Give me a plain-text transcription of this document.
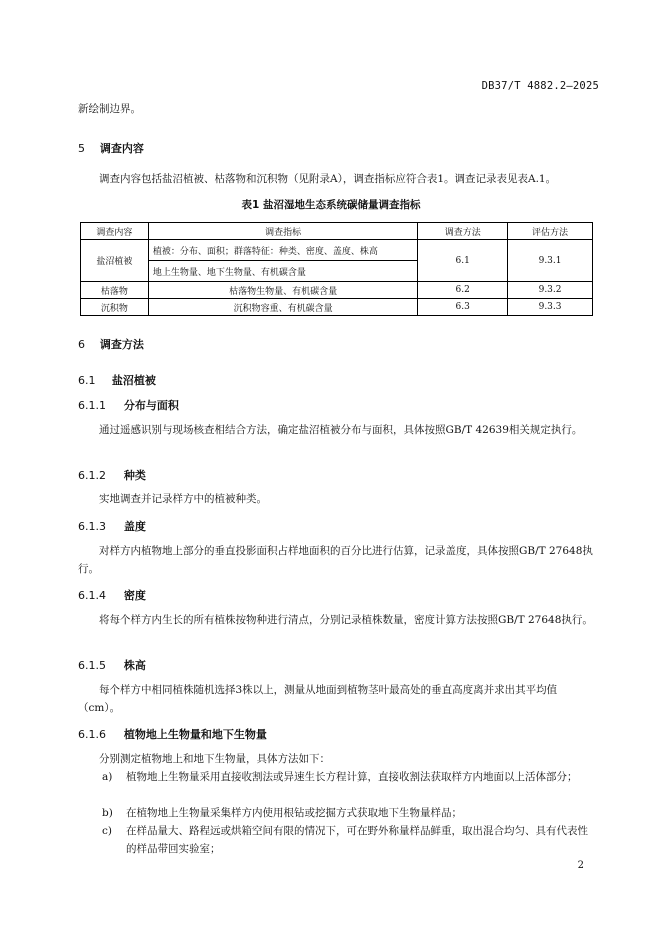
DB37/T 4882.2—2025
新绘制边界。
5 调查内容
调查内容包括盐沼植被、枯落物和沉积物（见附录A），调查指标应符合表1。调查记录表见表A.1。
表1 盐沼湿地生态系统碳储量调查指标
调查内容	调查指标	调查方法	评估方法
盐沼植被	植被：分布、面积；群落特征：种类、密度、盖度、株高	6.1	9.3.1
	地上生物量、地下生物量、有机碳含量		
枯落物	枯落物生物量、有机碳含量	6.2	9.3.2
沉积物	沉积物容重、有机碳含量	6.3	9.3.3
6 调查方法
6.1 盐沼植被
6.1.1 分布与面积
通过遥感识别与现场核查相结合方法，确定盐沼植被分布与面积，具体按照GB/T 42639相关规定执行。
6.1.2 种类
实地调查并记录样方中的植被种类。
6.1.3 盖度
对样方内植物地上部分的垂直投影面积占样地面积的百分比进行估算，记录盖度，具体按照GB/T 27648执行。
6.1.4 密度
将每个样方内生长的所有植株按物种进行清点，分别记录植株数量，密度计算方法按照GB/T 27648执行。
6.1.5 株高
每个样方中相同植株随机选择3株以上，测量从地面到植物茎叶最高处的垂直高度离并求出其平均值（cm）。
6.1.6 植物地上生物量和地下生物量
分别测定植物地上和地下生物量，具体方法如下：
a) 植物地上生物量采用直接收割法或异速生长方程计算，直接收割法获取样方内地面以上活体部分；
b) 在植物地上生物量采集样方内使用根钻或挖掘方式获取地下生物量样品；
c) 在样品量大、路程远或烘箱空间有限的情况下，可在野外称量样品鲜重，取出混合均匀、具有代表性的样品带回实验室；
2
